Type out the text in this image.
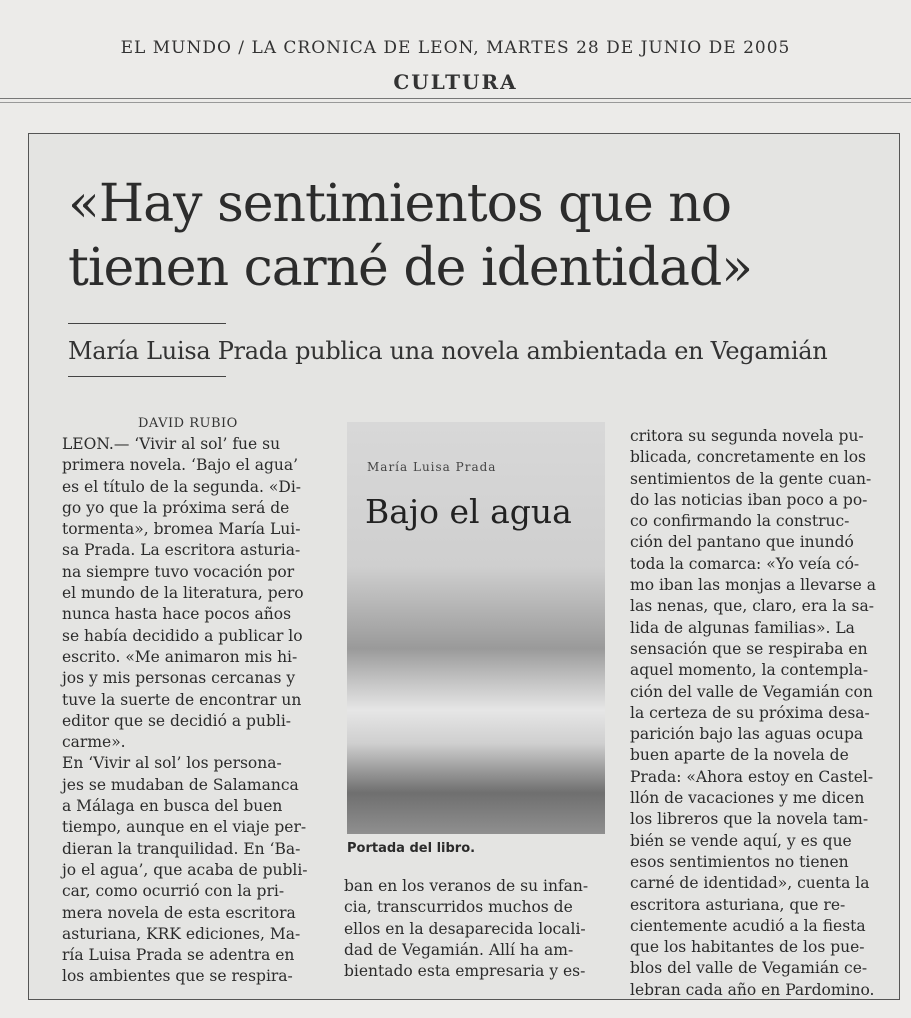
EL MUNDO / LA CRONICA DE LEON, MARTES 28 DE JUNIO DE 2005
CULTURA
«Hay sentimientos que no
tienen carné de identidad»
María Luisa Prada publica una novela ambientada en Vegamián
DAVID RUBIO

LEON.— ‘Vivir al sol’ fue su

primera novela. ‘Bajo el agua’

es el título de la segunda. «Di-

go yo que la próxima será de

tormenta», bromea María Lui-

sa Prada. La escritora asturia-

na siempre tuvo vocación por

el mundo de la literatura, pero

nunca hasta hace pocos años

se había decidido a publicar lo

escrito. «Me animaron mis hi-

jos y mis personas cercanas y

tuve la suerte de encontrar un

editor que se decidió a publi-

carme».

En ‘Vivir al sol’ los persona-

jes se mudaban de Salamanca

a Málaga en busca del buen

tiempo, aunque en el viaje per-

dieran la tranquilidad. En ‘Ba-

jo el agua’, que acaba de publi-

car, como ocurrió con la pri-

mera novela de esta escritora

asturiana, KRK ediciones, Ma-

ría Luisa Prada se adentra en

los ambientes que se respira-

María Luisa Prada
Bajo el agua
Portada del libro.

ban en los veranos de su infan-

cia, transcurridos muchos de

ellos en la desaparecida locali-

dad de Vegamián. Allí ha am-

bientado esta empresaria y es-

critora su segunda novela pu-

blicada, concretamente en los

sentimientos de la gente cuan-

do las noticias iban poco a po-

co confirmando la construc-

ción del pantano que inundó

toda la comarca: «Yo veía có-

mo iban las monjas a llevarse a

las nenas, que, claro, era la sa-

lida de algunas familias». La

sensación que se respiraba en

aquel momento, la contempla-

ción del valle de Vegamián con

la certeza de su próxima desa-

parición bajo las aguas ocupa

buen aparte de la novela de

Prada: «Ahora estoy en Castel-

llón de vacaciones y me dicen

los libreros que la novela tam-

bién se vende aquí, y es que

esos sentimientos no tienen

carné de identidad», cuenta la

escritora asturiana, que re-

cientemente acudió a la fiesta

que los habitantes de los pue-

blos del valle de Vegamián ce-

lebran cada año en Pardomino.
